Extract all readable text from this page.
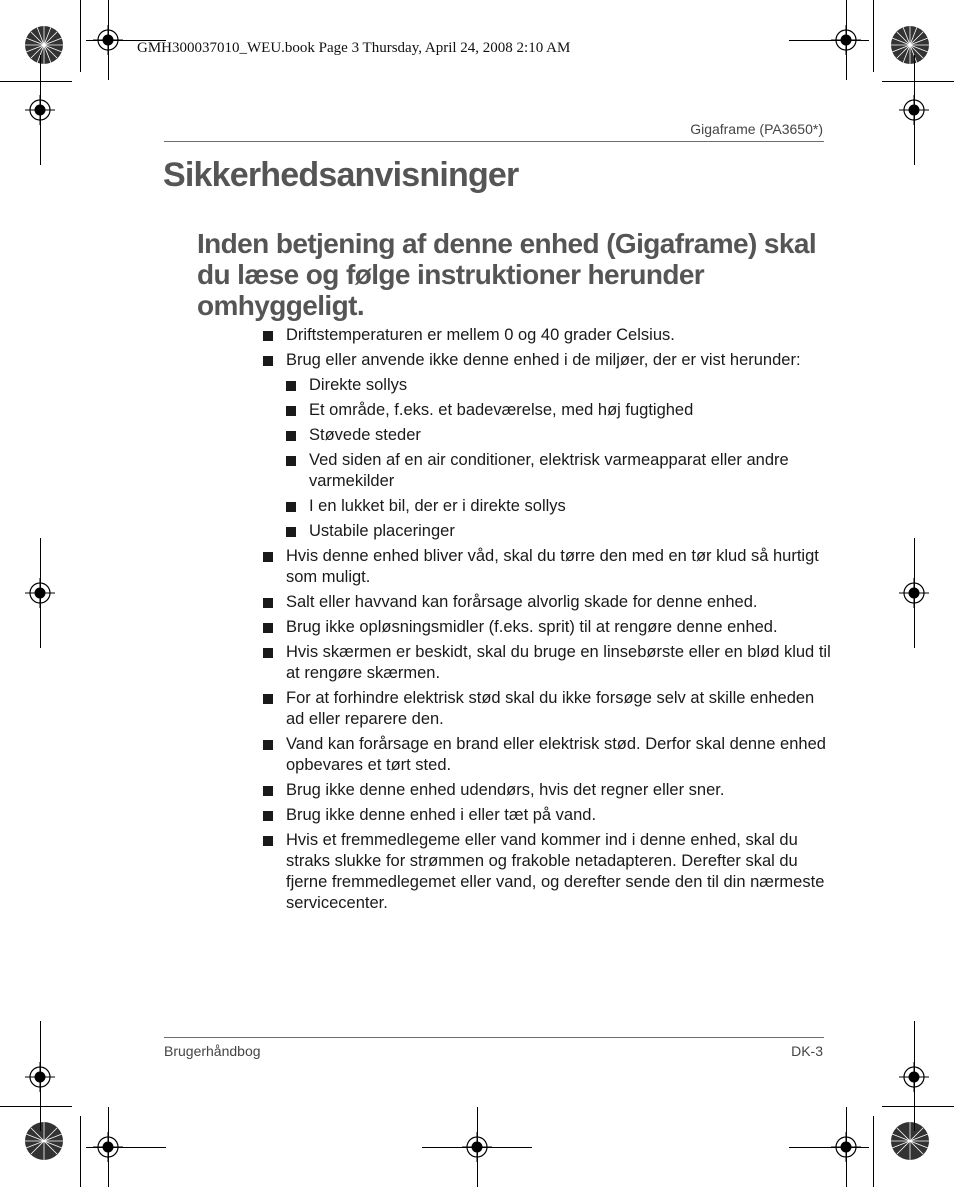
GMH300037010_WEU.book Page 3 Thursday, April 24, 2008 2:10 AM
Gigaframe (PA3650*)
Sikkerhedsanvisninger
Inden betjening af denne enhed (Gigaframe) skal du læse og følge instruktioner herunder omhyggeligt.
Driftstemperaturen er mellem 0 og 40 grader Celsius.
Brug eller anvende ikke denne enhed i de miljøer, der er vist herunder:
Direkte sollys
Et område, f.eks. et badeværelse, med høj fugtighed
Støvede steder
Ved siden af en air conditioner, elektrisk varmeapparat eller andre varmekilder
I en lukket bil, der er i direkte sollys
Ustabile placeringer
Hvis denne enhed bliver våd, skal du tørre den med en tør klud så hurtigt som muligt.
Salt eller havvand kan forårsage alvorlig skade for denne enhed.
Brug ikke opløsningsmidler (f.eks. sprit) til at rengøre denne enhed.
Hvis skærmen er beskidt, skal du bruge en linsebørste eller en blød klud til at rengøre skærmen.
For at forhindre elektrisk stød skal du ikke forsøge selv at skille enheden ad eller reparere den.
Vand kan forårsage en brand eller elektrisk stød. Derfor skal denne enhed opbevares et tørt sted.
Brug ikke denne enhed udendørs, hvis det regner eller sner.
Brug ikke denne enhed i eller tæt på vand.
Hvis et fremmedlegeme eller vand kommer ind i denne enhed, skal du straks slukke for strømmen og frakoble netadapteren. Derefter skal du fjerne fremmedlegemet eller vand, og derefter sende den til din nærmeste servicecenter.
Brugerhåndbog	DK-3
